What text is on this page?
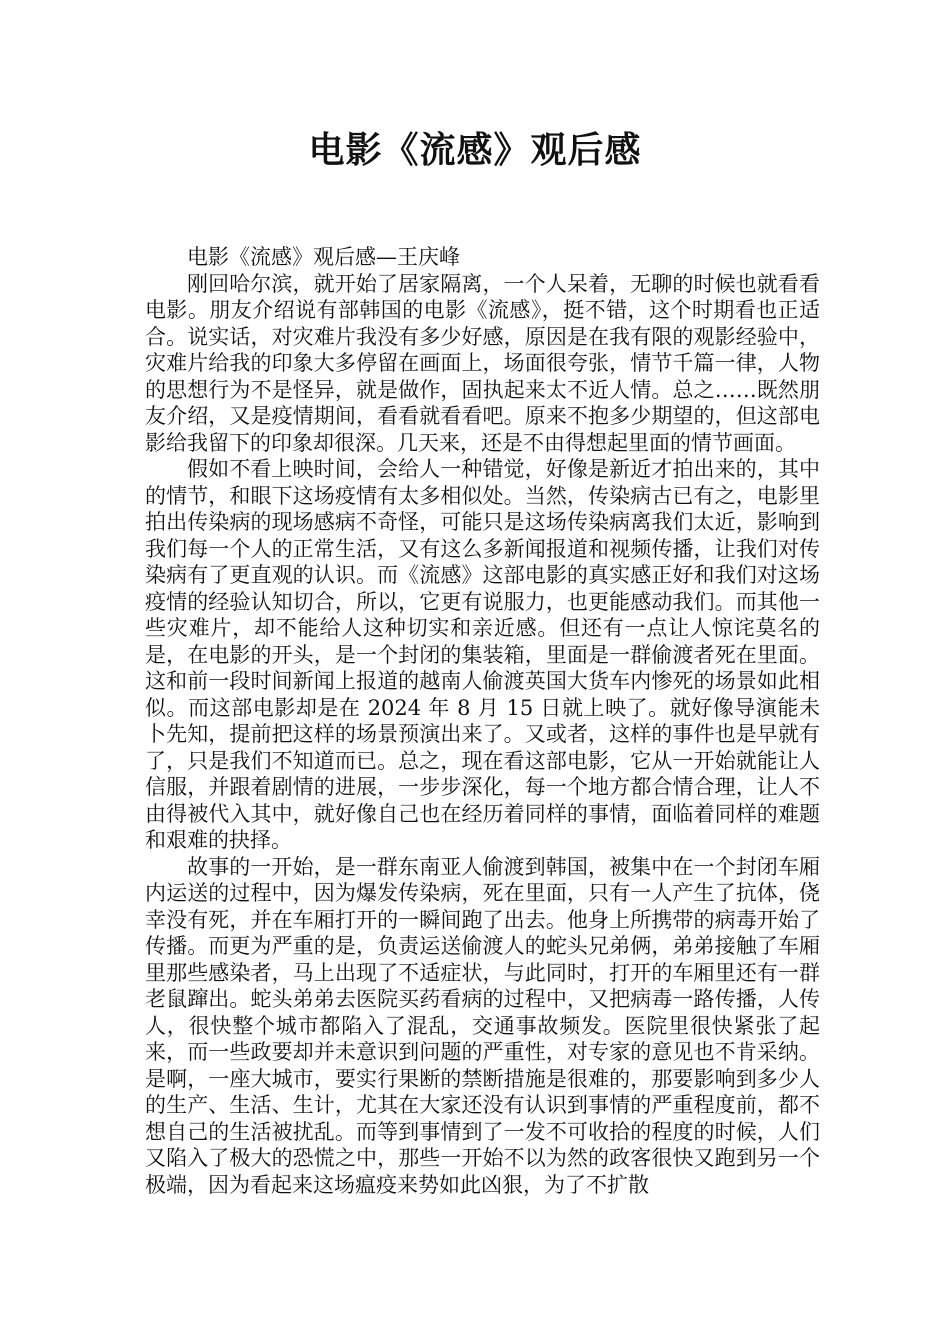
电影《流感》观后感

电影《流感》观后感—王庆峰

刚回哈尔滨，就开始了居家隔离，一个人呆着，无聊的时候也就看看电影。朋友介绍说有部韩国的电影《流感》，挺不错，这个时期看也正适合。说实话，对灾难片我没有多少好感，原因是在我有限的观影经验中，灾难片给我的印象大多停留在画面上，场面很夸张，情节千篇一律，人物的思想行为不是怪异，就是做作，固执起来太不近人情。总之……既然朋友介绍，又是疫情期间，看看就看看吧。原来不抱多少期望的，但这部电影给我留下的印象却很深。几天来，还是不由得想起里面的情节画面。

假如不看上映时间，会给人一种错觉，好像是新近才拍出来的，其中的情节，和眼下这场疫情有太多相似处。当然，传染病古已有之，电影里拍出传染病的现场感病不奇怪，可能只是这场传染病离我们太近，影响到我们每一个人的正常生活，又有这么多新闻报道和视频传播，让我们对传染病有了更直观的认识。而《流感》这部电影的真实感正好和我们对这场疫情的经验认知切合，所以，它更有说服力，也更能感动我们。而其他一些灾难片，却不能给人这种切实和亲近感。但还有一点让人惊诧莫名的是，在电影的开头，是一个封闭的集装箱，里面是一群偷渡者死在里面。这和前一段时间新闻上报道的越南人偷渡英国大货车内惨死的场景如此相似。而这部电影却是在 2024 年 8 月 15 日就上映了。就好像导演能未卜先知，提前把这样的场景预演出来了。又或者，这样的事件也是早就有了，只是我们不知道而已。总之，现在看这部电影，它从一开始就能让人信服，并跟着剧情的进展，一步步深化，每一个地方都合情合理，让人不由得被代入其中，就好像自己也在经历着同样的事情，面临着同样的难题和艰难的抉择。

故事的一开始，是一群东南亚人偷渡到韩国，被集中在一个封闭车厢内运送的过程中，因为爆发传染病，死在里面，只有一人产生了抗体，侥幸没有死，并在车厢打开的一瞬间跑了出去。他身上所携带的病毒开始了传播。而更为严重的是，负责运送偷渡人的蛇头兄弟俩，弟弟接触了车厢里那些感染者，马上出现了不适症状，与此同时，打开的车厢里还有一群老鼠蹿出。蛇头弟弟去医院买药看病的过程中，又把病毒一路传播，人传人，很快整个城市都陷入了混乱，交通事故频发。医院里很快紧张了起来，而一些政要却并未意识到问题的严重性，对专家的意见也不肯采纳。是啊，一座大城市，要实行果断的禁断措施是很难的，那要影响到多少人的生产、生活、生计，尤其在大家还没有认识到事情的严重程度前，都不想自己的生活被扰乱。而等到事情到了一发不可收拾的程度的时候，人们又陷入了极大的恐慌之中，那些一开始不以为然的政客很快又跑到另一个极端，因为看起来这场瘟疫来势如此凶狠，为了不扩散
